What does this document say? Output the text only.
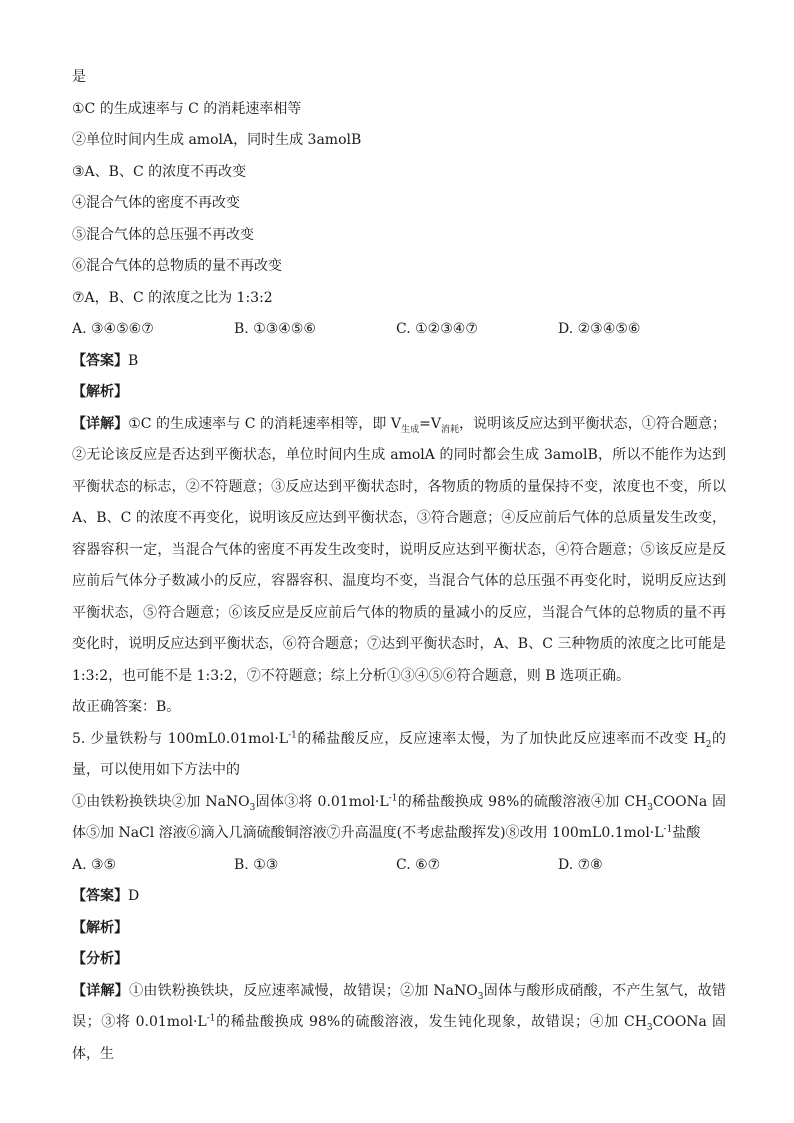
是
①C 的生成速率与 C 的消耗速率相等
②单位时间内生成 amolA，同时生成 3amolB
③A、B、C 的浓度不再改变
④混合气体的密度不再改变
⑤混合气体的总压强不再改变
⑥混合气体的总物质的量不再改变
⑦A，B、C 的浓度之比为 1:3:2
A. ③④⑤⑥⑦	B. ①③④⑤⑥	C. ①②③④⑦	D. ②③④⑤⑥
【答案】B
【解析】
【详解】①C 的生成速率与 C 的消耗速率相等，即 $V_{生成}=V_{消耗}$，说明该反应达到平衡状态，①符合题意；②无论该反应是否达到平衡状态，单位时间内生成 amolA 的同时都会生成 3amolB，所以不能作为达到平衡状态的标志，②不符题意；③反应达到平衡状态时，各物质的物质的量保持不变，浓度也不变，所以 A、B、C 的浓度不再变化，说明该反应达到平衡状态，③符合题意；④反应前后气体的总质量发生改变，容器容积一定，当混合气体的密度不再发生改变时，说明反应达到平衡状态，④符合题意；⑤该反应是反应前后气体分子数减小的反应，容器容积、温度均不变，当混合气体的总压强不再变化时，说明反应达到平衡状态，⑤符合题意；⑥该反应是反应前后气体的物质的量减小的反应，当混合气体的总物质的量不再变化时，说明反应达到平衡状态，⑥符合题意；⑦达到平衡状态时，A、B、C 三种物质的浓度之比可能是 1:3:2，也可能不是 1:3:2，⑦不符题意；综上分析①③④⑤⑥符合题意，则 B 选项正确。
故正确答案：B。
5. 少量铁粉与 $100mL0.01mol\cdot L^{-1}$的稀盐酸反应，反应速率太慢，为了加快此反应速率而不改变 $H_2$的量，可以使用如下方法中的
①由铁粉换铁块②加 NaNO$_3$固体③将 $0.01mol\cdot L^{-1}$的稀盐酸换成 98%的硫酸溶液④加 $CH_3COONa$ 固体⑤加 NaCl 溶液⑥滴入几滴硫酸铜溶液⑦升高温度(不考虑盐酸挥发)⑧改用 $100mL0.1mol\cdot L^{-1}$盐酸
A. ③⑤	B. ①③	C. ⑥⑦	D. ⑦⑧
【答案】D
【解析】
【分析】
【详解】①由铁粉换铁块，反应速率减慢，故错误；②加 NaNO$_3$固体与酸形成硝酸，不产生氢气，故错误；③将 $0.01mol\cdot L^{-1}$的稀盐酸换成 98%的硫酸溶液，发生钝化现象，故错误；④加 $CH_3COONa$ 固体，生
